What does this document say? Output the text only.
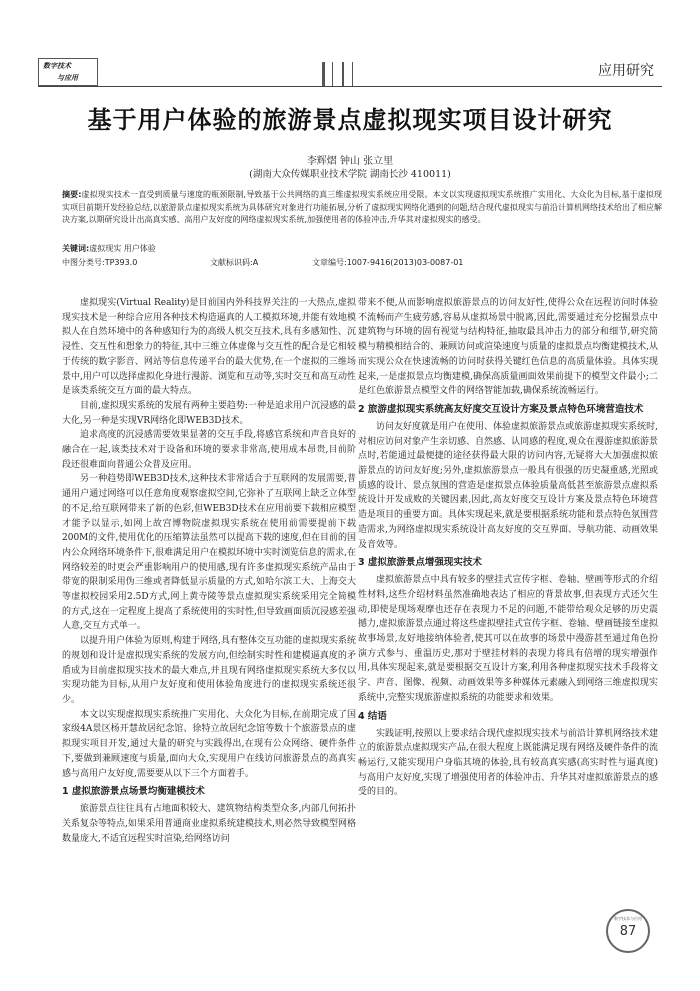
数字技术
与应用	应用研究
基于用户体验的旅游景点虚拟现实项目设计研究
李辉熠 钟山 张立里
(湖南大众传媒职业技术学院 湖南长沙 410011)
摘要:虚拟现实技术一直受到质量与速度的瓶颈限制,导致基于公共网络的真三维虚拟现实系统应用受限。本文以实现虚拟现实系统推广实用化、大众化为目标,基于虚拟现实项目前期开发经验总结,以旅游景点虚拟现实系统为具体研究对象进行功能拓展,分析了虚拟现实网络化遇到的问题,结合现代虚拟现实与前沿计算机网络技术给出了相应解决方案,以期研究设计出高真实感、高用户友好度的网络虚拟现实系统,加强使用者的体验冲击,升华其对虚拟现实的感受。
关键词:虚拟现实 用户体验
中图分类号:TP393.0	文献标识码:A	文章编号:1007-9416(2013)03-0087-01

虚拟现实(Virtual Reality)是目前国内外科技界关注的一大热点,虚拟现实技术是一种综合应用各种技术构造逼真的人工模拟环境,并能有效地模拟人在自然环境中的各种感知行为的高级人机交互技术,具有多感知性、沉浸性、交互性和想象力的特征,其中三维立体虚像与交互性的配合是它相较于传统的数字影音、网站等信息传递平台的最大优势,在一个虚拟的三维场景中,用户可以选择虚拟化身进行漫游、浏览和互动等,实时交互和高互动性是该类系统交互方面的最大特点。

目前,虚拟现实系统的发展有两种主要趋势:一种是追求用户沉浸感的最大化,另一种是实现VR网络化即WEB3D技术。

追求高度的沉浸感需要效果显著的交互手段,将感官系统和声音良好的融合在一起,该类技术对于设备和环境的要求非常高,使用成本昂贵,目前阶段还很难面向普通公众普及应用。

另一种趋势即WEB3D技术,这种技术非常适合于互联网的发展需要,普通用户通过网络可以任意角度观察虚拟空间,它弥补了互联网上缺乏立体型的不足,给互联网带来了新的色彩,但WEB3D技术在应用前要下载相应模型才能予以显示,如网上故宫博物院虚拟现实系统在使用前需要提前下载200M的文件,使用优化的压缩算法虽然可以提高下载的速度,但在目前的国内公众网络环境条件下,很难满足用户在模拟环境中实时浏览信息的需求,在网络较差的时更会严重影响用户的使用感,现有许多虚拟现实系统产品由于带宽的限制采用伪三维或者降低显示质量的方式,如哈尔滨工大、上海交大等虚拟校园采用2.5D方式,网上黄寺陵等景点虚拟现实系统采用完全简模的方式,这在一定程度上提高了系统使用的实时性,但导致画面质沉浸感差强人意,交互方式单一。

以提升用户体验为原则,构建于网络,具有整体交互功能的虚拟现实系统的规划和设计是虚拟现实系统的发展方向,但绘制实时性和建模逼真度的矛盾成为目前虚拟现实技术的最大难点,并且现有网络虚拟现实系统大多仅以实现功能为目标,从用户友好度和使用体验角度进行的虚拟现实系统还很少。

本文以实现虚拟现实系统推广实用化、大众化为目标,在前期完成了国家级4A景区杨开慧故居纪念馆、徐特立故居纪念馆等数十个旅游景点的虚拟现实项目开发,通过大量的研究与实践得出,在现有公众网络、硬件条件下,要做到兼顾速度与质量,面向大众,实现用户在线访问旅游景点的高真实感与高用户友好度,需要要从以下三个方面着手。

1 虚拟旅游景点场景均衡建模技术

旅游景点往往具有占地面积较大、建筑物结构类型众多,内部几何拓扑关系复杂等特点,如果采用普通商业虚拟系统建模技术,则必然导致模型网格数量庞大,不适宜远程实时渲染,给网络访问

带来不便,从而影响虚拟旅游景点的访问友好性,使得公众在远程访问时体验不流畅而产生疲劳感,容易从虚拟场景中脱离,因此,需要通过充分挖掘景点中建筑物与环境的固有视觉与结构特征,抽取最具冲击力的部分和细节,研究简模与精模相结合的、兼顾访问或渲染速度与质量的虚拟景点均衡建模技术,从而实现公众在快速流畅的访问时获得关键红色信息的高质量体验。具体实现起来,一是虚拟景点均衡建模,确保高质量画面效果前提下的模型文件最小;二是红色旅游景点模型文件的网络智能加载,确保系统流畅运行。

2 旅游虚拟现实系统高友好度交互设计方案及景点特色环境营造技术

访问友好度就是用户在使用、体验虚拟旅游景点或旅游虚拟现实系统时,对相应访问对象产生亲切感、自然感、认同感的程度,观众在漫游虚拟旅游景点时,若能通过最便捷的途径获得最大限的访问内容,无疑将大大加强虚拟旅游景点的访问友好度;另外,虚拟旅游景点一般具有很强的历史凝重感,光照或质感的设计、景点氛围的营造是虚拟景点体验质量高低甚至旅游景点虚拟系统设计开发成败的关键因素,因此,高友好度交互设计方案及景点特色环境营造是项目的重要方面。具体实现起来,就是要根据系统功能和景点特色氛围营造需求,为网络虚拟现实系统设计高友好度的交互界面、导航功能、动画效果及音效等。

3 虚拟旅游景点增强现实技术

虚拟旅游景点中具有较多的壁挂式宣传字框、卷轴、壁画等形式的介绍性材料,这些介绍材料虽然准确地表达了相应的背景故事,但表现方式还欠生动,即使是现场观摩也还存在表现力不足的问题,不能带给观众足够的历史震撼力,虚拟旅游景点通过将这些虚拟壁挂式宣传字框、卷轴、壁画链接至虚拟故事场景,友好地接纳体验者,使其可以在故事的场景中漫游甚至通过角色扮演方式参与、重温历史,那对于壁挂材料的表现力将具有倍增的现实增强作用,具体实现起来,就是要根据交互设计方案,利用各种虚拟现实技术手段将文字、声音、图像、视频、动画效果等多种媒体元素融入到网络三维虚拟现实系统中,完整实现旅游虚拟系统的功能要求和效果。

4 结语

实践证明,按照以上要求结合现代虚拟现实技术与前沿计算机网络技术建立的旅游景点虚拟现实产品,在很大程度上既能满足现有网络及硬件条件的流畅运行,又能实现用户身临其境的体验,具有较高真实感(高实时性与逼真度)与高用户友好度,实现了增强使用者的体验冲击、升华其对虚拟旅游景点的感受的目的。

数字技术与应用
87
